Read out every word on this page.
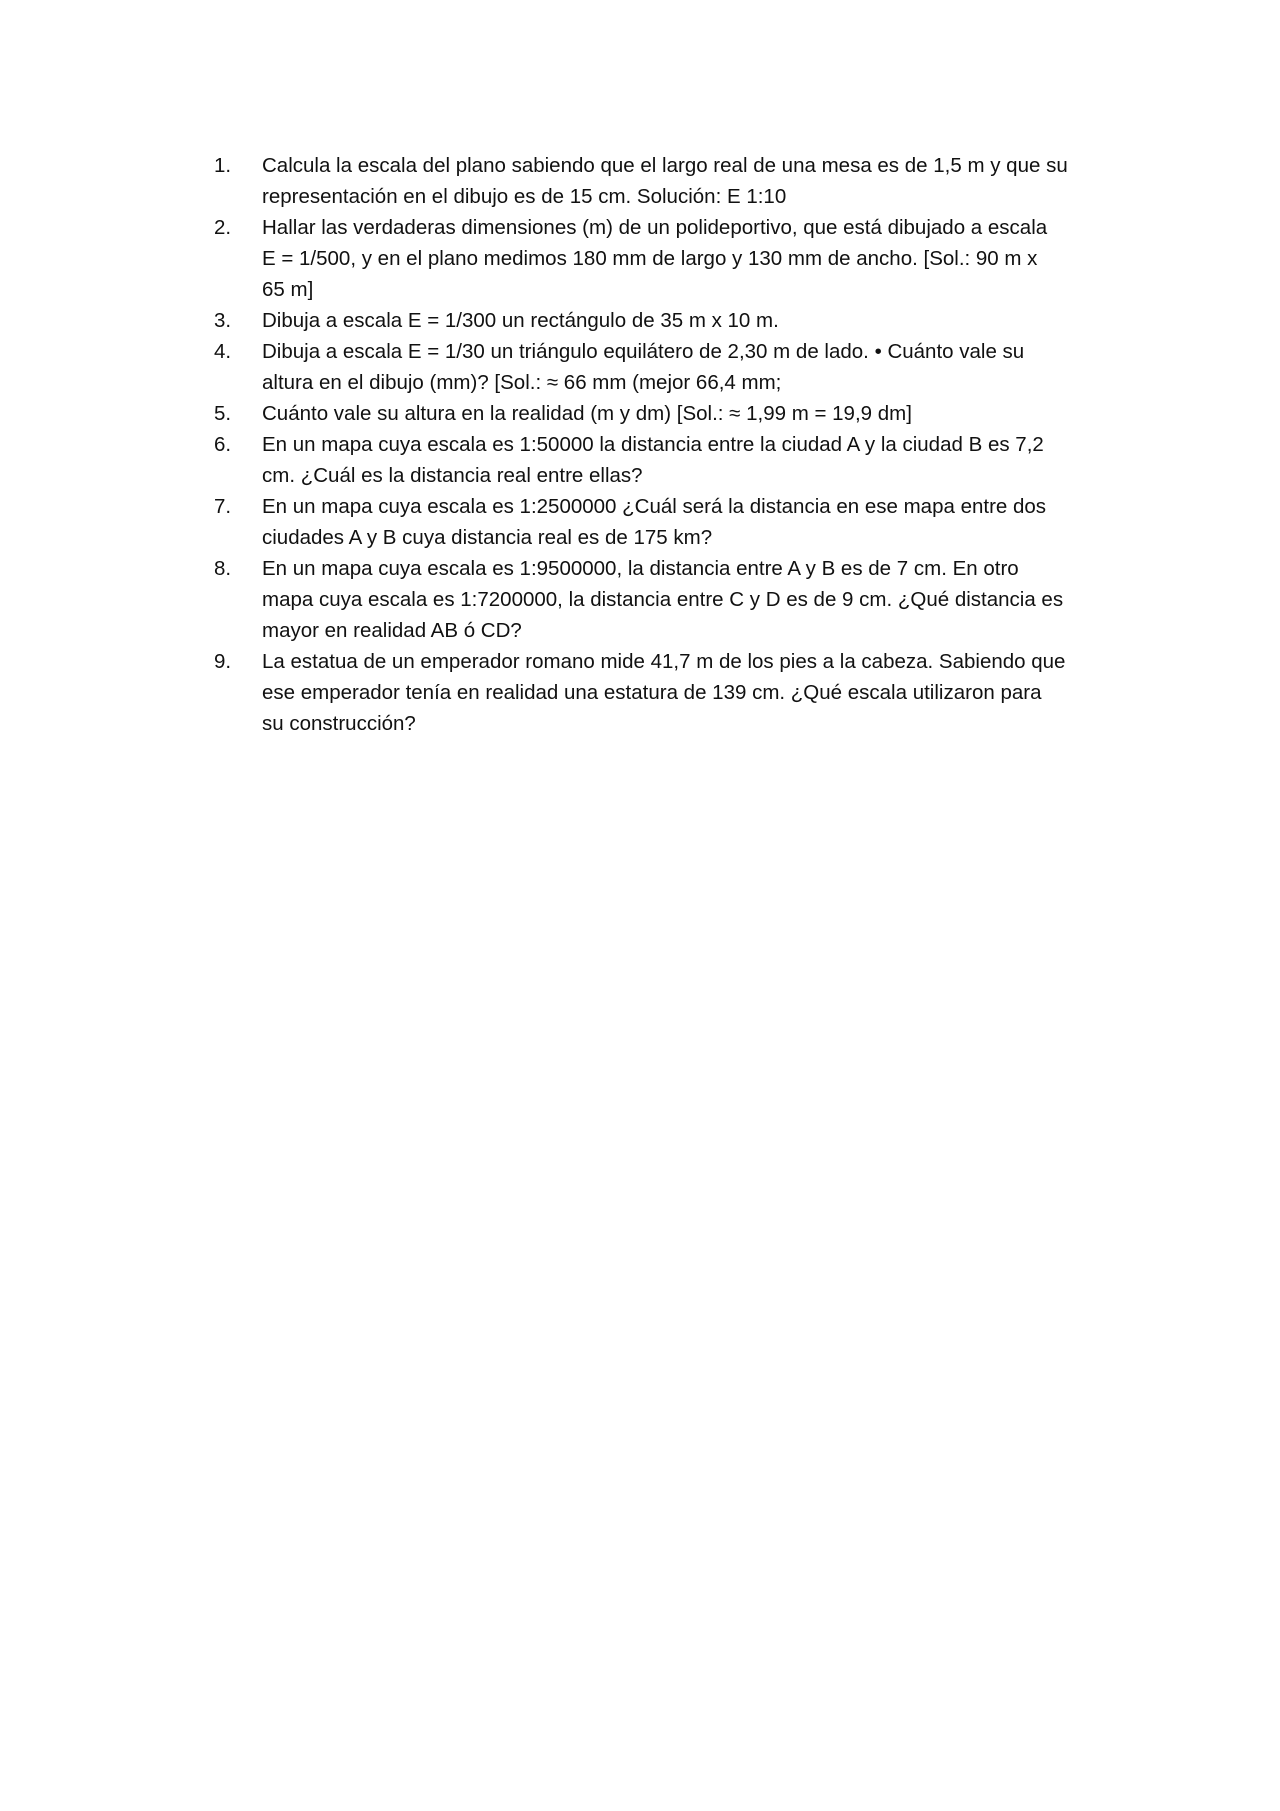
1.	Calcula la escala del plano sabiendo que el largo real de una mesa es de 1,5 m y que su
representación en el dibujo es de 15 cm. Solución: E 1:10
2.	Hallar las verdaderas dimensiones (m) de un polideportivo, que está dibujado a escala
E = 1/500, y en el plano medimos 180 mm de largo y 130 mm de ancho. [Sol.: 90 m x
65 m]
3.	Dibuja a escala E = 1/300 un rectángulo de 35 m x 10 m.
4.	Dibuja a escala E = 1/30 un triángulo equilátero de 2,30 m de lado. • Cuánto vale su
altura en el dibujo (mm)? [Sol.: ≈ 66 mm (mejor 66,4 mm;
5.	Cuánto vale su altura en la realidad (m y dm) [Sol.: ≈ 1,99 m = 19,9 dm]
6.	En un mapa cuya escala es 1:50000 la distancia entre la ciudad A y la ciudad B es 7,2
cm. ¿Cuál es la distancia real entre ellas?
7.	En un mapa cuya escala es 1:2500000 ¿Cuál será la distancia en ese mapa entre dos
ciudades A y B cuya distancia real es de 175 km?
8.	En un mapa cuya escala es 1:9500000, la distancia entre A y B es de 7 cm. En otro
mapa cuya escala es 1:7200000, la distancia entre C y D es de 9 cm. ¿Qué distancia es
mayor en realidad AB ó CD?
9.	La estatua de un emperador romano mide 41,7 m de los pies a la cabeza. Sabiendo que
ese emperador tenía en realidad una estatura de 139 cm. ¿Qué escala utilizaron para
su construcción?
